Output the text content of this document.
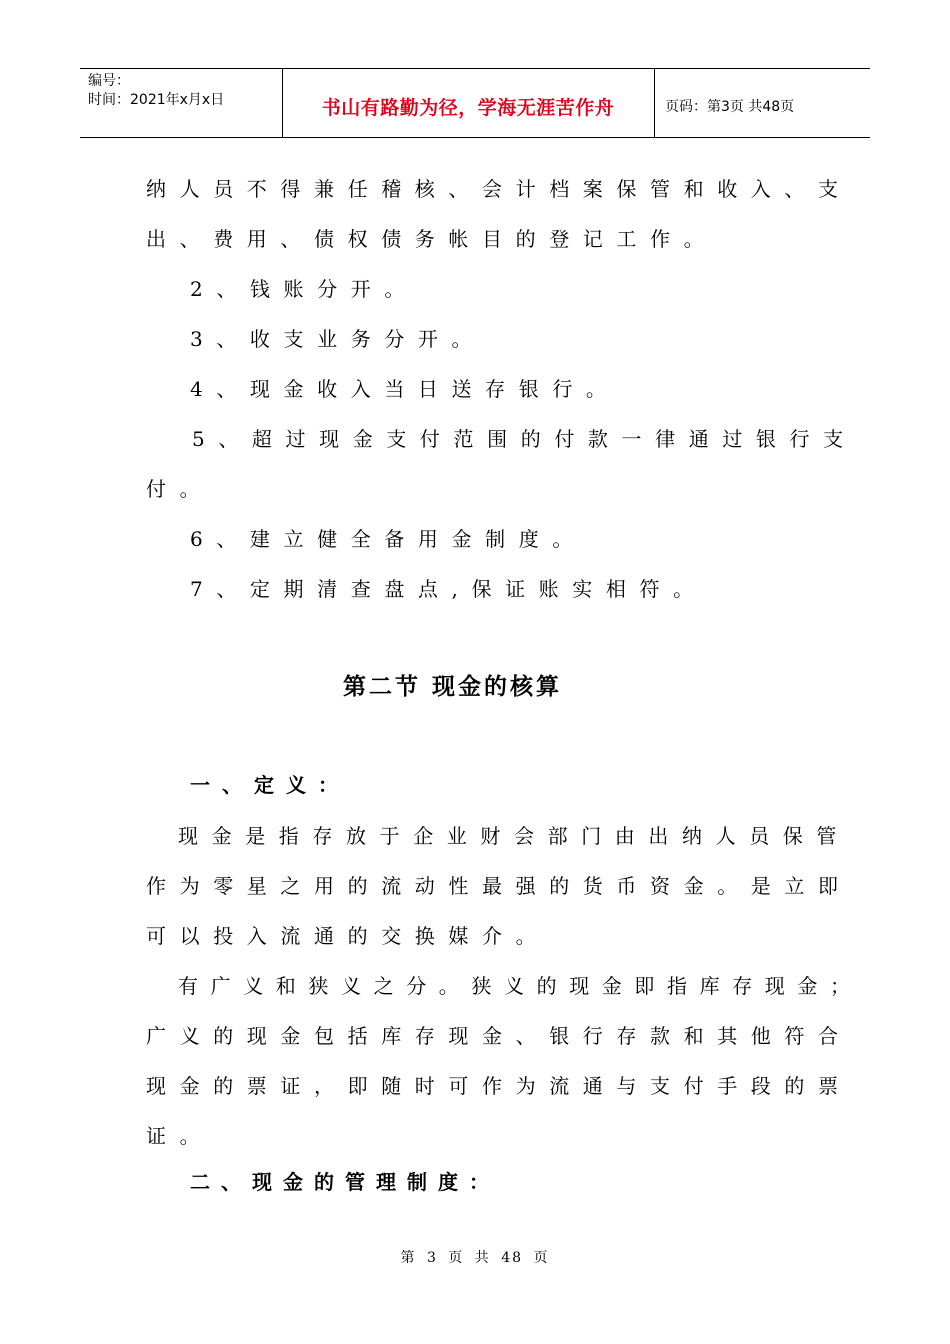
编号：
时间：2021年x月x日	书山有路勤为径，学海无涯苦作舟	页码：第3页 共48页
纳人员不得兼任稽核、会计档案保管和收入、支
出、费用、债权债务帐目的登记工作。
2、钱账分开。
3、收支业务分开。
4、现金收入当日送存银行。
5、超过现金支付范围的付款一律通过银行支
付。
6、建立健全备用金制度。
7、定期清查盘点,保证账实相符。
第二节 现金的核算
一、定义：
现金是指存放于企业财会部门由出纳人员保管
作为零星之用的流动性最强的货币资金。是立即
可以投入流通的交换媒介。
有广义和狭义之分。狭义的现金即指库存现金；
广义的现金包括库存现金、银行存款和其他符合
现金的票证，即随时可作为流通与支付手段的票
证。
二、现金的管理制度：
第 3 页 共 48 页
